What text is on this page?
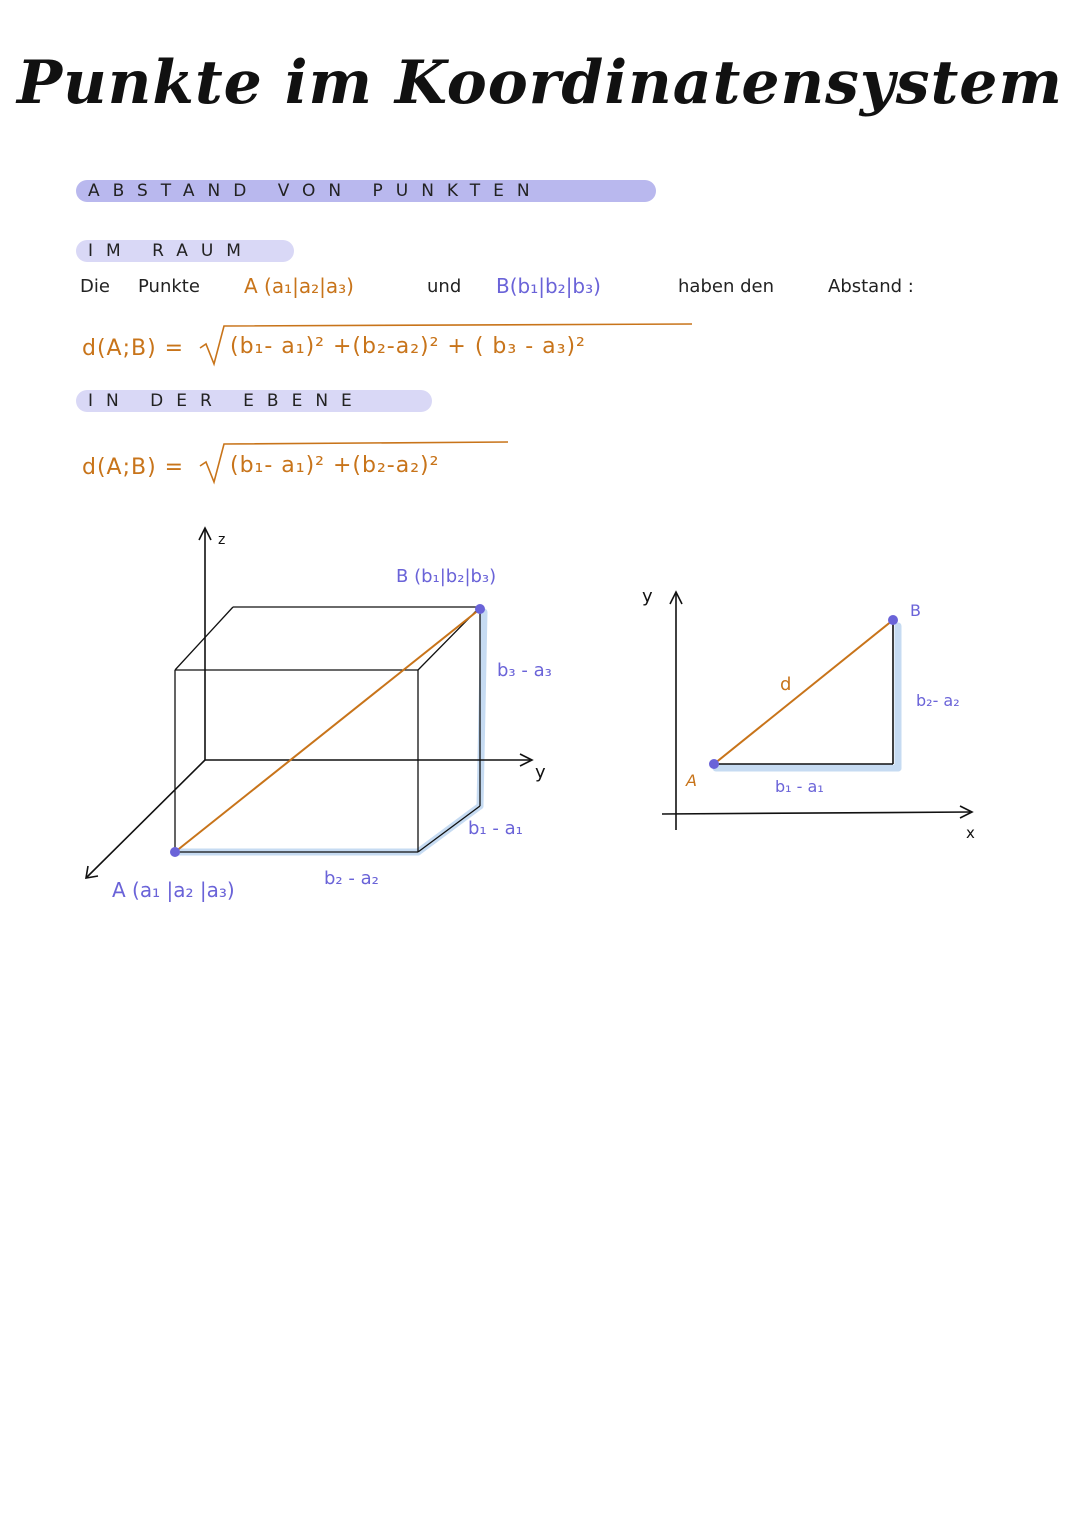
Punkte im Koordinatensystem
ABSTAND VON PUNKTEN
IM RAUM
Die Punkte A (a₁|a₂|a₃)	und B(b₁|b₂|b₃)	haben den	Abstand :
d(A;B) = (b₁- a₁)² +(b₂-a₂)² + ( b₃ - a₃)²
IN DER EBENE
d(A;B) = (b₁- a₁)² +(b₂-a₂)²
z
y
B (b₁|b₂|b₃)
A (a₁ |a₂ |a₃)
b₃ - a₃
b₁ - a₁
b₂ - a₂
y
x
A
B
d
b₁ - a₁
b₂- a₂
